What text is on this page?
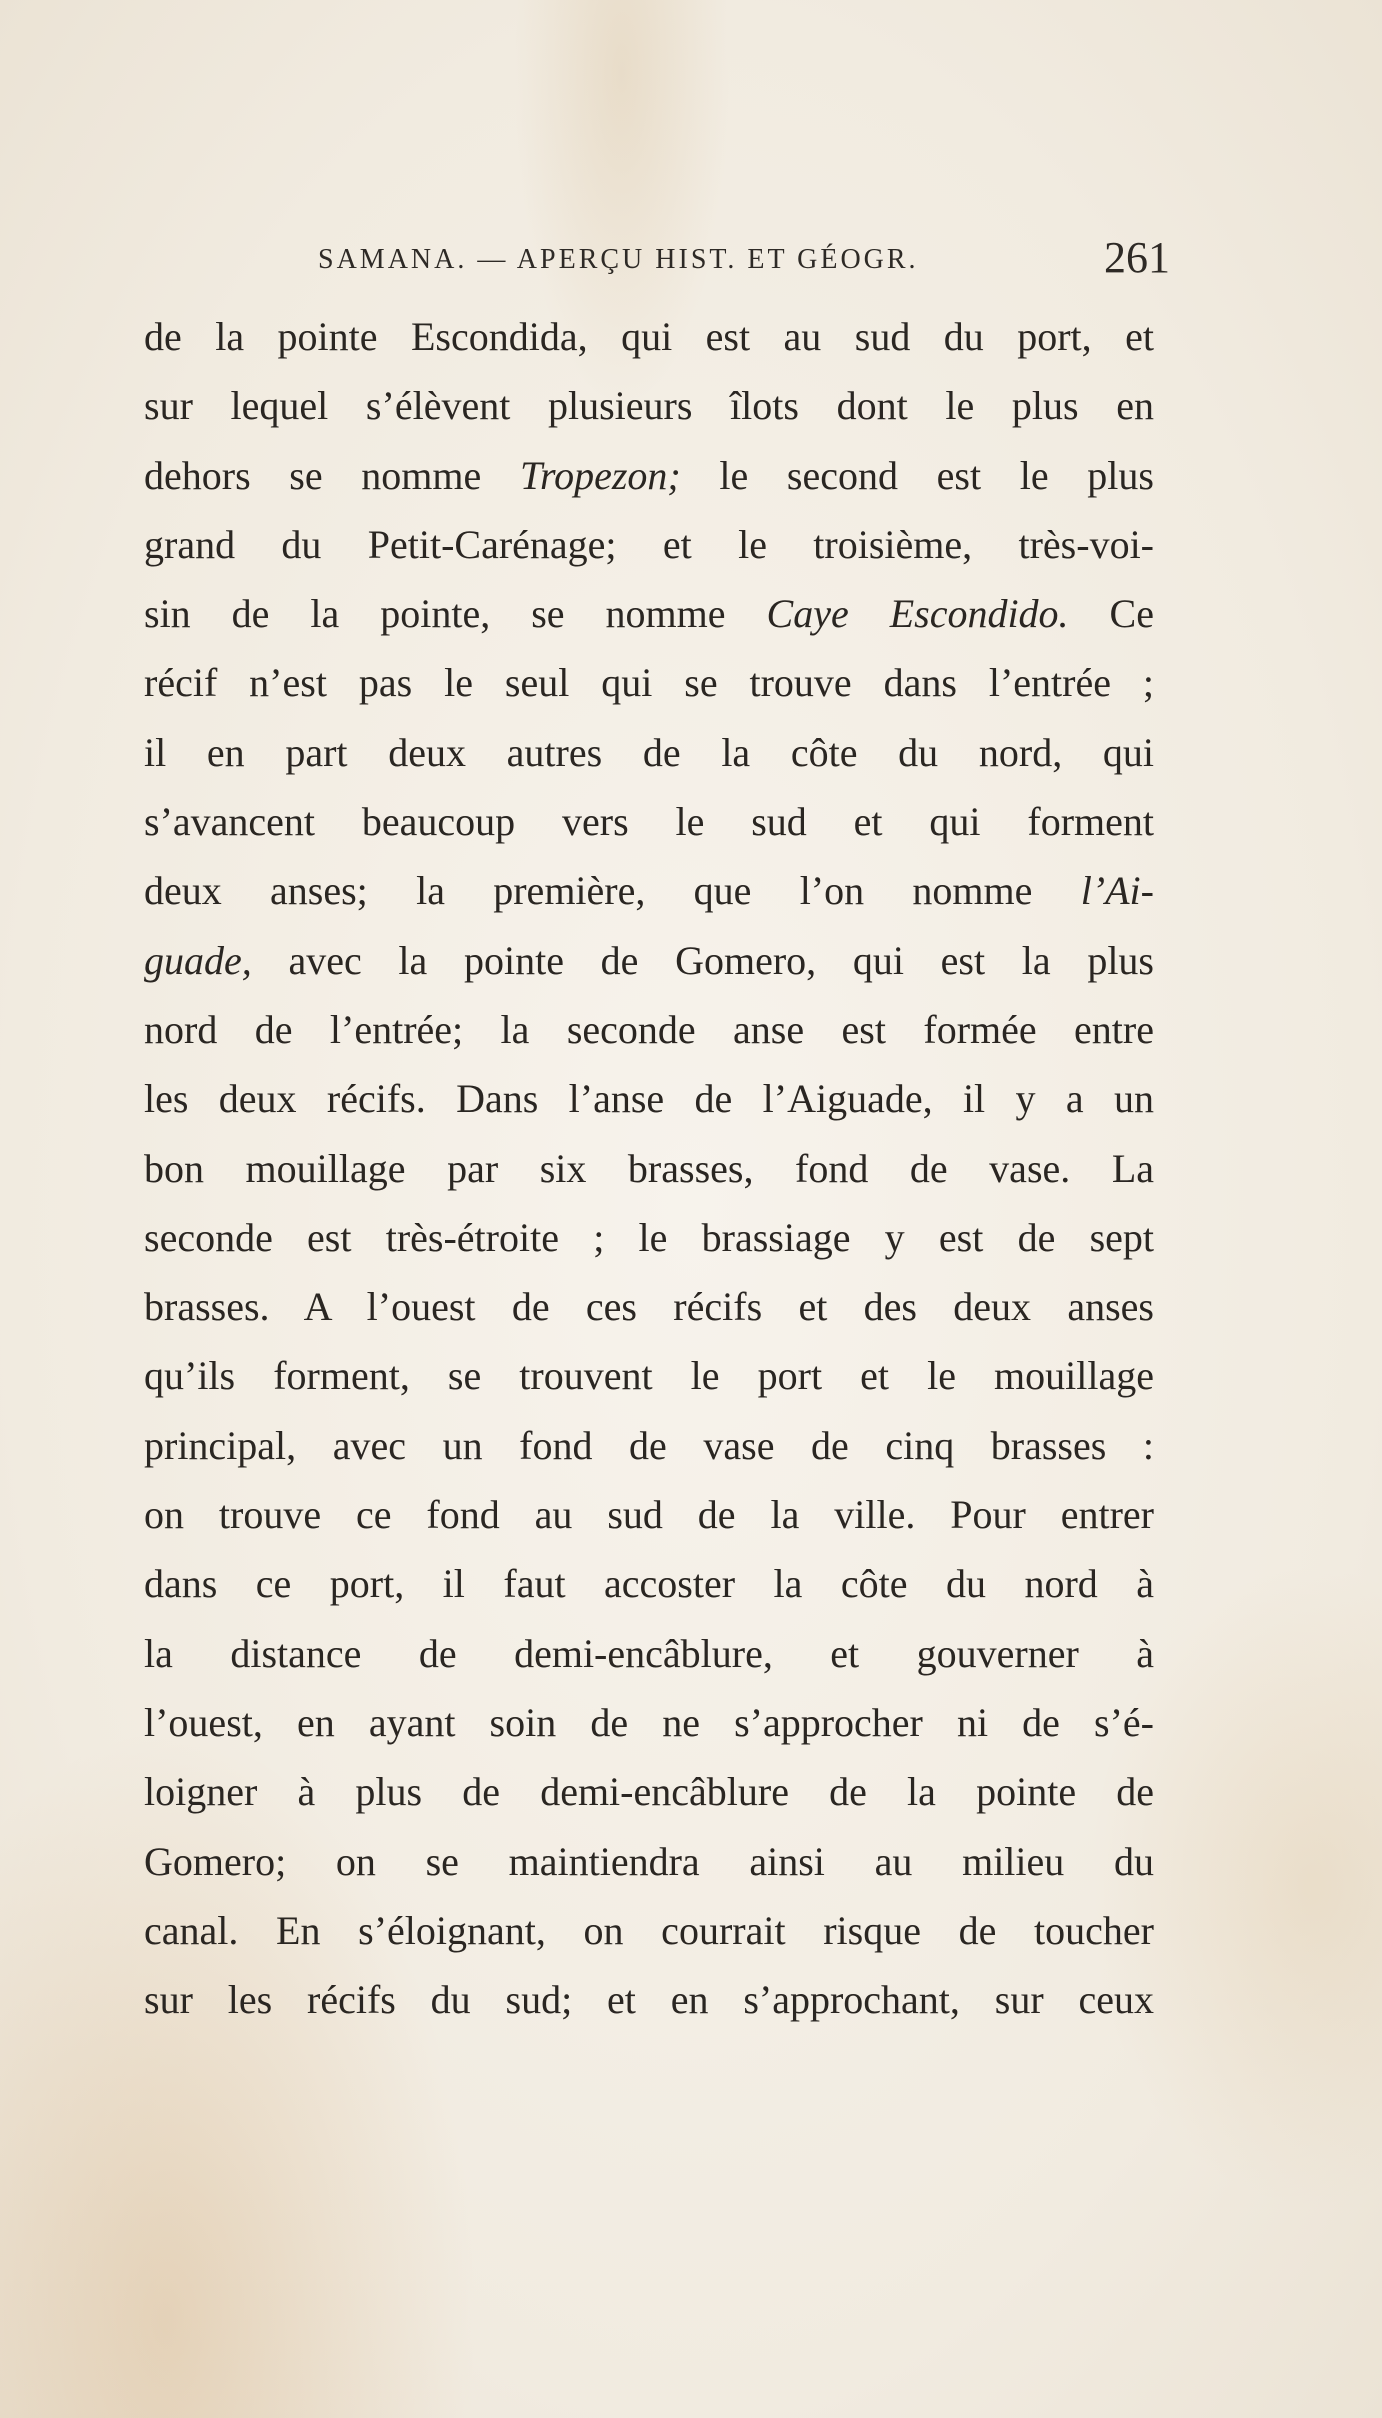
SAMANA. — APERÇU HIST. ET GÉOGR.	261
de la pointe Escondida, qui est au sud du port, et
sur lequel s’élèvent plusieurs îlots dont le plus en
dehors se nomme Tropezon; le second est le plus
grand du Petit-Carénage; et le troisième, très-voi-
sin de la pointe, se nomme Caye Escondido. Ce
récif n’est pas le seul qui se trouve dans l’entrée ;
il en part deux autres de la côte du nord, qui
s’avancent beaucoup vers le sud et qui forment
deux anses; la première, que l’on nomme l’Ai-
guade, avec la pointe de Gomero, qui est la plus
nord de l’entrée; la seconde anse est formée entre
les deux récifs. Dans l’anse de l’Aiguade, il y a un
bon mouillage par six brasses, fond de vase. La
seconde est très-étroite ; le brassiage y est de sept
brasses. A l’ouest de ces récifs et des deux anses
qu’ils forment, se trouvent le port et le mouillage
principal, avec un fond de vase de cinq brasses :
on trouve ce fond au sud de la ville. Pour entrer
dans ce port, il faut accoster la côte du nord à
la distance de demi-encâblure, et gouverner à
l’ouest, en ayant soin de ne s’approcher ni de s’é-
loigner à plus de demi-encâblure de la pointe de
Gomero; on se maintiendra ainsi au milieu du
canal. En s’éloignant, on courrait risque de toucher
sur les récifs du sud; et en s’approchant, sur ceux
